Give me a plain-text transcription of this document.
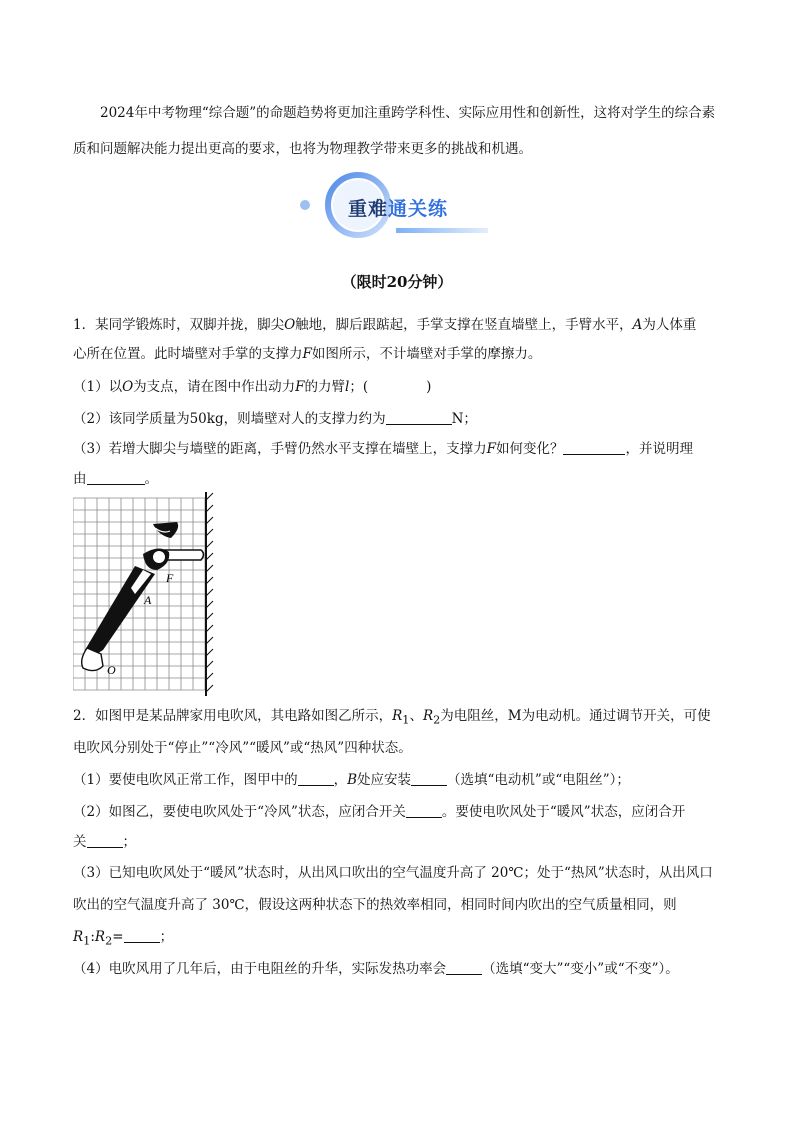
2024年中考物理“综合题”的命题趋势将更加注重跨学科性、实际应用性和创新性，这将对学生的综合素质和问题解决能力提出更高的要求，也将为物理教学带来更多的挑战和机遇。
重难通关练
（限时20分钟）
1．某同学锻炼时，双脚并拢，脚尖O触地，脚后跟踮起，手掌支撑在竖直墙壁上，手臂水平，A为人体重
心所在位置。此时墙壁对手掌的支撑力F如图所示，不计墙壁对手掌的摩擦力。
（1）以O为支点，请在图中作出动力F的力臂l；(	)
（2）该同学质量为50kg，则墙壁对人的支撑力约为	N；
（3）若增大脚尖与墙壁的距离，手臂仍然水平支撑在墙壁上，支撑力F如何变化？	，并说明理
由	。
F
A
O
2．如图甲是某品牌家用电吹风，其电路如图乙所示，$R_1$、$R_2$为电阻丝，M为电动机。通过调节开关，可使
电吹风分别处于“停止”“冷风”“暖风”或“热风”四种状态。
（1）要使电吹风正常工作，图甲中的	，B处应安装	（选填“电动机”或“电阻丝”）；
（2）如图乙，要使电吹风处于“冷风”状态，应闭合开关	。要使电吹风处于“暖风”状态，应闭合开
关	；
（3）已知电吹风处于“暖风”状态时，从出风口吹出的空气温度升高了 20℃；处于“热风”状态时，从出风口
吹出的空气温度升高了 30℃，假设这两种状态下的热效率相同，相同时间内吹出的空气质量相同，则
$R_1:R_2=$	；
（4）电吹风用了几年后，由于电阻丝的升华，实际发热功率会	（选填“变大”“变小”或“不变”）。
